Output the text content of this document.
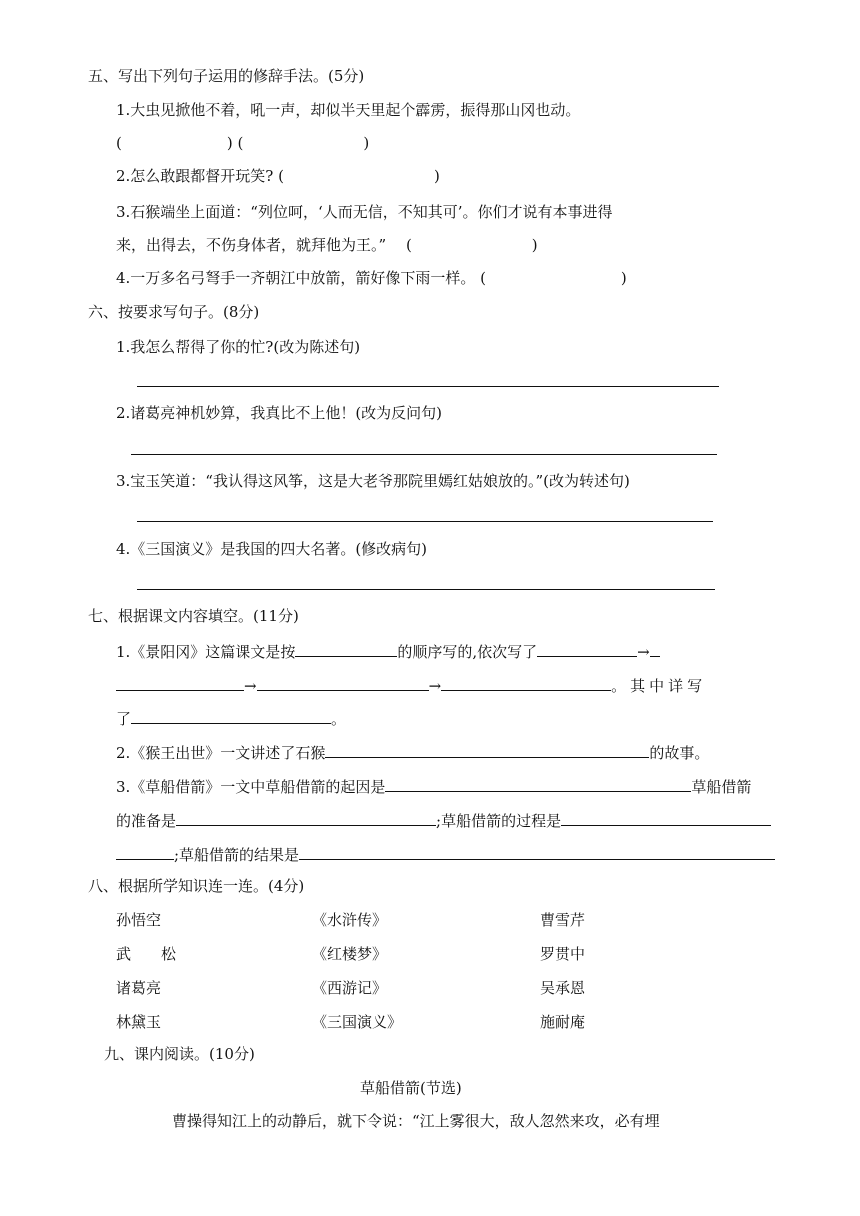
五、写出下列句子运用的修辞手法。(5分)
1.大虫见掀他不着，吼一声，却似半天里起个霹雳，振得那山冈也动。
(　　　　　　　) (　　　　　　　　)
2.怎么敢跟都督开玩笑? (　　　　　　　　　　)
3.石猴端坐上面道：“列位呵，‘人而无信，不知其可’。你们才说有本事进得
来，出得去，不伤身体者，就拜他为王。”　 (　　　　　　　　)
4.一万多名弓弩手一齐朝江中放箭，箭好像下雨一样。 (　　　　　　　　　)
六、按要求写句子。(8分)
1.我怎么帮得了你的忙?(改为陈述句)
2.诸葛亮神机妙算，我真比不上他！(改为反问句)
3.宝玉笑道：“我认得这风筝，这是大老爷那院里嫣红姑娘放的。”(改为转述句)
4.《三国演义》是我国的四大名著。(修改病句)
七、根据课文内容填空。(11分)
1.《景阳冈》这篇课文是按	的顺序写的,依次写了	→
→	→	。其中详写
了	。
2.《猴王出世》一文讲述了石猴	的故事。
3.《草船借箭》一文中草船借箭的起因是	草船借箭
的准备是	;草船借箭的过程是
;草船借箭的结果是
八、根据所学知识连一连。(4分)
孙悟空	《水浒传》	曹雪芹
武　　松	《红楼梦》	罗贯中
诸葛亮	《西游记》	吴承恩
林黛玉	《三国演义》	施耐庵
九、课内阅读。(10分)
草船借箭(节选)
曹操得知江上的动静后，就下令说：“江上雾很大，敌人忽然来攻，必有埋
